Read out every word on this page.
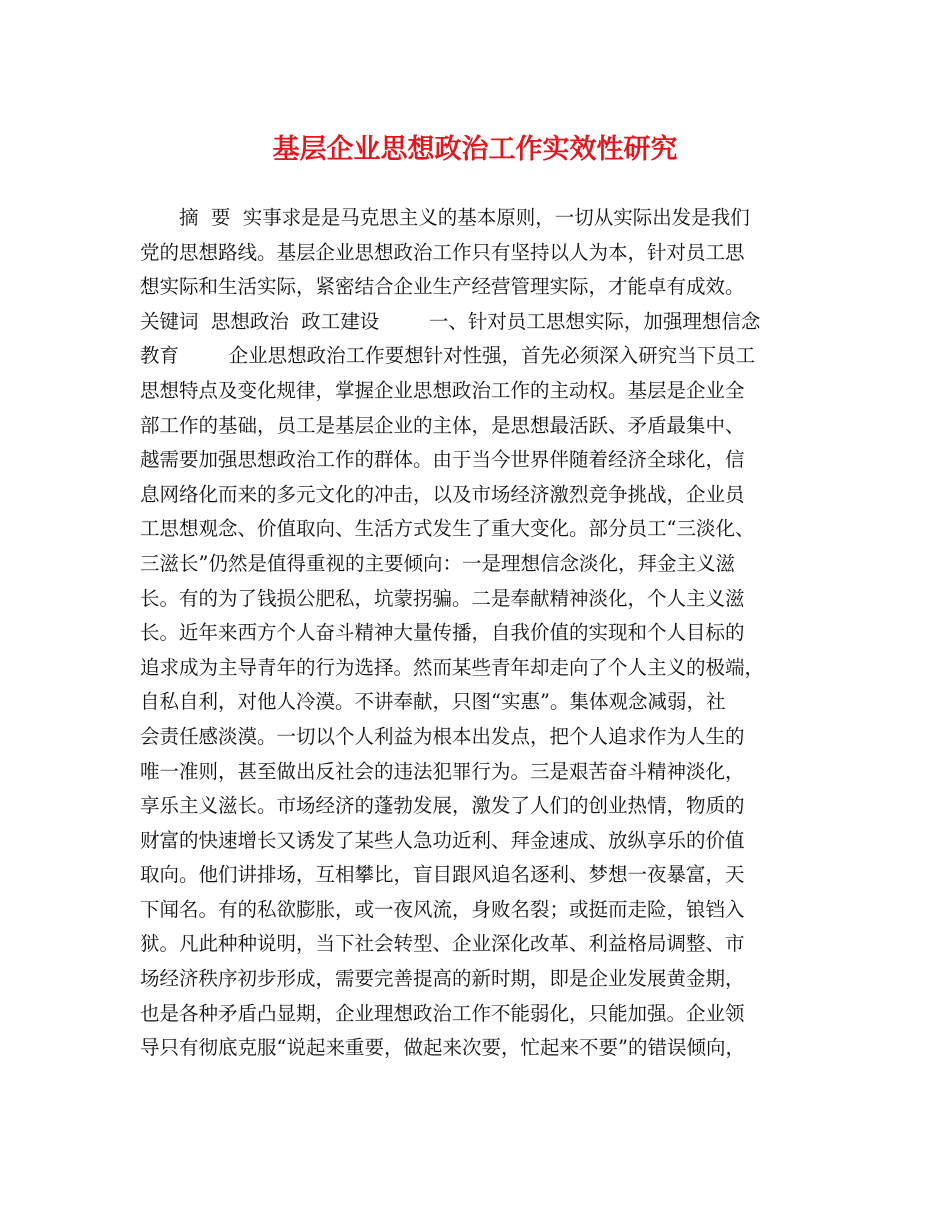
基层企业思想政治工作实效性研究
　　摘  要  实事求是是马克思主义的基本原则，一切从实际出发是我们
党的思想路线。基层企业思想政治工作只有坚持以人为本，针对员工思
想实际和生活实际，紧密结合企业生产经营管理实际，才能卓有成效。
关键词  思想政治  政工建设        一、针对员工思想实际，加强理想信念
教育        企业思想政治工作要想针对性强，首先必须深入研究当下员工
思想特点及变化规律，掌握企业思想政治工作的主动权。基层是企业全
部工作的基础，员工是基层企业的主体，是思想最活跃、矛盾最集中、
越需要加强思想政治工作的群体。由于当今世界伴随着经济全球化，信
息网络化而来的多元文化的冲击，以及市场经济激烈竞争挑战，企业员
工思想观念、价值取向、生活方式发生了重大变化。部分员工“三淡化、
三滋长”仍然是值得重视的主要倾向：一是理想信念淡化，拜金主义滋
长。有的为了钱损公肥私，坑蒙拐骗。二是奉献精神淡化，个人主义滋
长。近年来西方个人奋斗精神大量传播，自我价值的实现和个人目标的
追求成为主导青年的行为选择。然而某些青年却走向了个人主义的极端，
自私自利，对他人冷漠。不讲奉献，只图“实惠”。集体观念减弱，社
会责任感淡漠。一切以个人利益为根本出发点，把个人追求作为人生的
唯一准则，甚至做出反社会的违法犯罪行为。三是艰苦奋斗精神淡化，
享乐主义滋长。市场经济的蓬勃发展，激发了人们的创业热情，物质的
财富的快速增长又诱发了某些人急功近利、拜金速成、放纵享乐的价值
取向。他们讲排场，互相攀比，盲目跟风追名逐利、梦想一夜暴富，天
下闻名。有的私欲膨胀，或一夜风流，身败名裂；或挺而走险，锒铛入
狱。凡此种种说明，当下社会转型、企业深化改革、利益格局调整、市
场经济秩序初步形成，需要完善提高的新时期，即是企业发展黄金期，
也是各种矛盾凸显期，企业理想政治工作不能弱化，只能加强。企业领
导只有彻底克服“说起来重要，做起来次要，忙起来不要”的错误倾向，
